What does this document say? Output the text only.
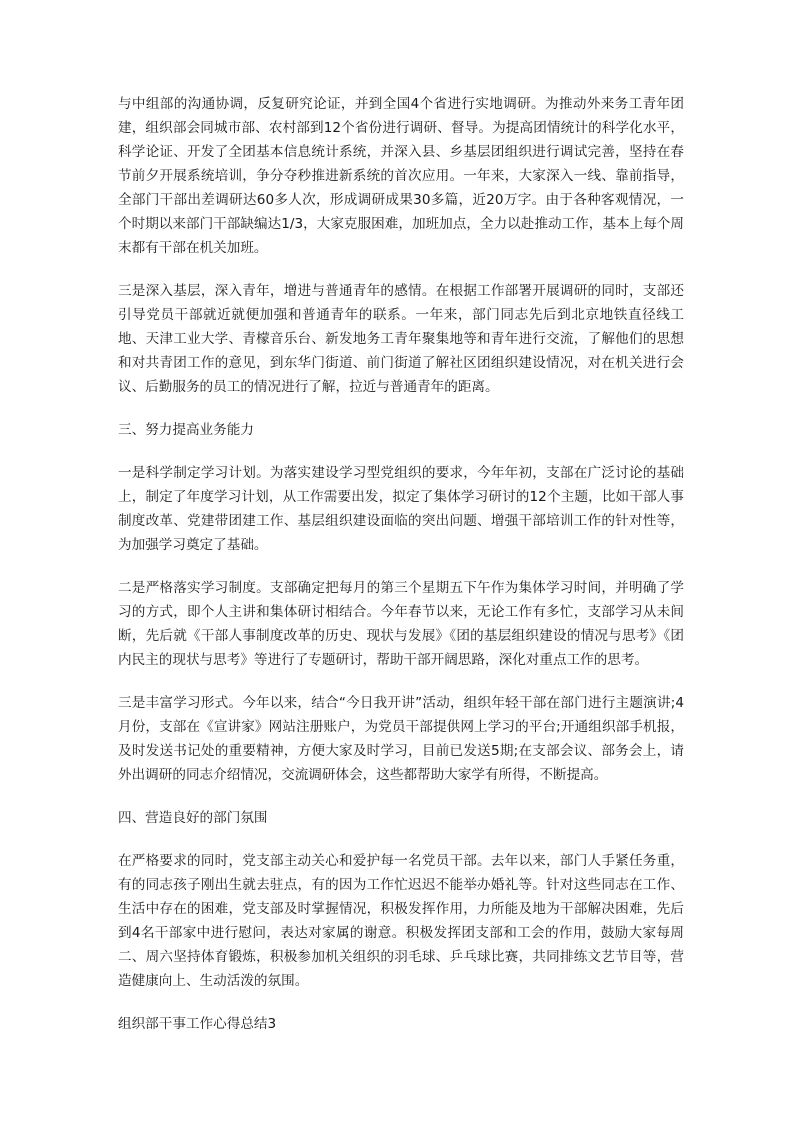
与中组部的沟通协调，反复研究论证，并到全国4个省进行实地调研。为推动外来务工青年团建，组织部会同城市部、农村部到12个省份进行调研、督导。为提高团情统计的科学化水平，科学论证、开发了全团基本信息统计系统，并深入县、乡基层团组织进行调试完善，坚持在春节前夕开展系统培训，争分夺秒推进新系统的首次应用。一年来，大家深入一线、靠前指导，全部门干部出差调研达60多人次，形成调研成果30多篇，近20万字。由于各种客观情况，一个时期以来部门干部缺编达1/3，大家克服困难，加班加点，全力以赴推动工作，基本上每个周末都有干部在机关加班。

三是深入基层，深入青年，增进与普通青年的感情。在根据工作部署开展调研的同时，支部还引导党员干部就近就便加强和普通青年的联系。一年来，部门同志先后到北京地铁直径线工地、天津工业大学、青檬音乐台、新发地务工青年聚集地等和青年进行交流，了解他们的思想和对共青团工作的意见，到东华门街道、前门街道了解社区团组织建设情况，对在机关进行会议、后勤服务的员工的情况进行了解，拉近与普通青年的距离。

三、努力提高业务能力

一是科学制定学习计划。为落实建设学习型党组织的要求，今年年初，支部在广泛讨论的基础上，制定了年度学习计划，从工作需要出发，拟定了集体学习研讨的12个主题，比如干部人事制度改革、党建带团建工作、基层组织建设面临的突出问题、增强干部培训工作的针对性等，为加强学习奠定了基础。

二是严格落实学习制度。支部确定把每月的第三个星期五下午作为集体学习时间，并明确了学习的方式，即个人主讲和集体研讨相结合。今年春节以来，无论工作有多忙，支部学习从未间断，先后就《干部人事制度改革的历史、现状与发展》《团的基层组织建设的情况与思考》《团内民主的现状与思考》等进行了专题研讨，帮助干部开阔思路，深化对重点工作的思考。

三是丰富学习形式。今年以来，结合“今日我开讲”活动，组织年轻干部在部门进行主题演讲;4月份，支部在《宣讲家》网站注册账户，为党员干部提供网上学习的平台;开通组织部手机报，及时发送书记处的重要精神，方便大家及时学习，目前已发送5期;在支部会议、部务会上，请外出调研的同志介绍情况，交流调研体会，这些都帮助大家学有所得，不断提高。

四、营造良好的部门氛围

在严格要求的同时，党支部主动关心和爱护每一名党员干部。去年以来，部门人手紧任务重，有的同志孩子刚出生就去驻点，有的因为工作忙迟迟不能举办婚礼等。针对这些同志在工作、生活中存在的困难，党支部及时掌握情况，积极发挥作用，力所能及地为干部解决困难，先后到4名干部家中进行慰问，表达对家属的谢意。积极发挥团支部和工会的作用，鼓励大家每周二、周六坚持体育锻炼，积极参加机关组织的羽毛球、乒乓球比赛，共同排练文艺节目等，营造健康向上、生动活泼的氛围。

组织部干事工作心得总结3
